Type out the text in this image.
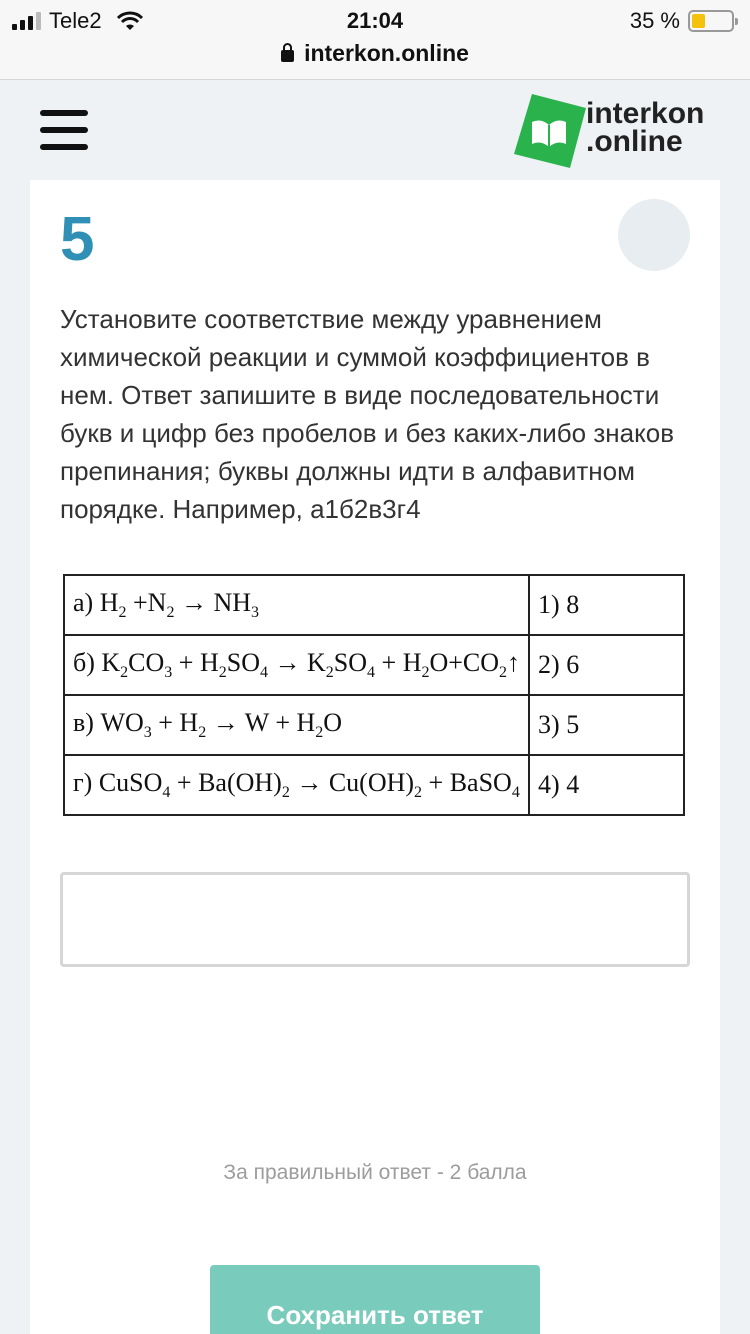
Tele2	21:04	35 %
interkon.online
interkon
.online
5
Установите соответствие между уравнением химической реакции и суммой коэффициентов в нем. Ответ запишите в виде последовательности букв и цифр без пробелов и без каких-либо знаков препинания; буквы должны идти в алфавитном порядке. Например, а1б2в3г4
а) $H_2 +N_2 \to NH_3$	1) 8
б) $K_2CO_3 + H_2SO_4 \to K_2SO_4$ + $H_2O+CO_2↑$	2) 6
в) $WO_3 + H_2 \to W + H_2O$	3) 5
г) CuSO$_4$ + $Ba(OH)_2 \to Cu(OH)_2$ + BaSO$_4$	4) 4
За правильный ответ - 2 балла
Сохранить ответ
